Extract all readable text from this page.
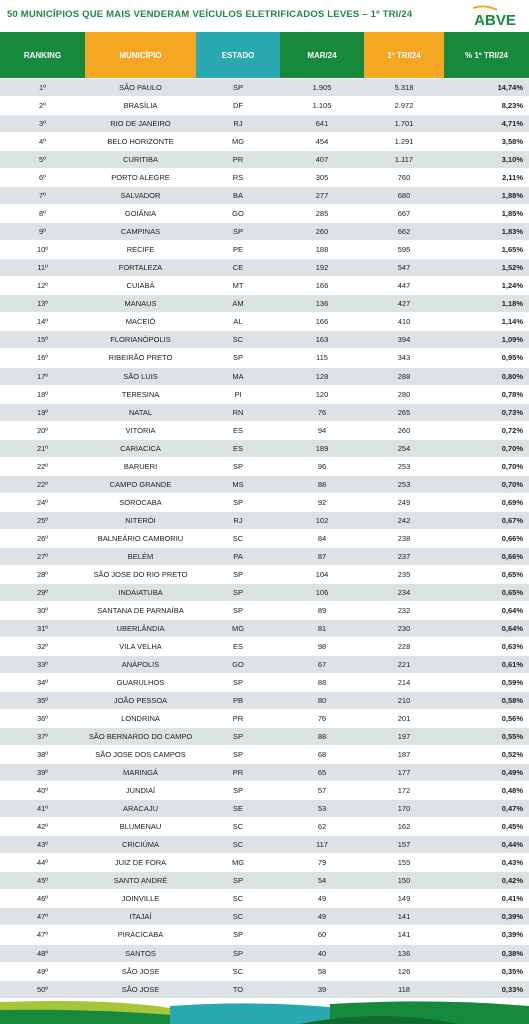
50 MUNICÍPIOS QUE MAIS VENDERAM VEÍCULOS ELETRIFICADOS LEVES – 1º TRI/24	ABVE
RANKING	MUNICÍPIO	ESTADO	MAR/24	1º TRI/24	% 1º TRI/24
1º	SÃO PAULO	SP	1.905	5.318	14,74%
2º	BRASÍLIA	DF	1.105	2.972	8,23%
3º	RIO DE JANEIRO	RJ	641	1.701	4,71%
4º	BELO HORIZONTE	MG	454	1.291	3,58%
5º	CURITIBA	PR	407	1.117	3,10%
6º	PORTO ALEGRE	RS	305	760	2,11%
7º	SALVADOR	BA	277	680	1,88%
8º	GOIÂNIA	GO	285	667	1,85%
9º	CAMPINAS	SP	260	662	1,83%
10º	RECIFE	PE	188	595	1,65%
11º	FORTALEZA	CE	192	547	1,52%
12º	CUIABÁ	MT	166	447	1,24%
13º	MANAUS	AM	136	427	1,18%
14º	MACEIÓ	AL	166	410	1,14%
15º	FLORIANÓPOLIS	SC	163	394	1,09%
16º	RIBEIRÃO PRETO	SP	115	343	0,95%
17º	SÃO LUIS	MA	128	288	0,80%
18º	TERESINA	PI	120	280	0,78%
19º	NATAL	RN	76	265	0,73%
20º	VITÓRIA	ES	94	260	0,72%
21º	CARIACICA	ES	189	254	0,70%
22º	BARUERI	SP	96	253	0,70%
22º	CAMPO GRANDE	MS	88	253	0,70%
24º	SOROCABA	SP	92	249	0,69%
25º	NITERÓI	RJ	102	242	0,67%
26º	BALNEÁRIO CAMBORIU	SC	84	238	0,66%
27º	BELÉM	PA	87	237	0,66%
28º	SÃO JOSE DO RIO PRETO	SP	104	235	0,65%
29º	INDAIATUBA	SP	106	234	0,65%
30º	SANTANA DE PARNAÍBA	SP	89	232	0,64%
31º	UBERLÂNDIA	MG	81	230	0,64%
32º	VILA VELHA	ES	98	228	0,63%
33º	ANÁPOLIS	GO	67	221	0,61%
34º	GUARULHOS	SP	88	214	0,59%
35º	JOÃO PESSOA	PB	80	210	0,58%
36º	LONDRINA	PR	76	201	0,56%
37º	SÃO BERNARDO DO CAMPO	SP	88	197	0,55%
38º	SÃO JOSE DOS CAMPOS	SP	68	187	0,52%
39º	MARINGÁ	PR	65	177	0,49%
40º	JUNDIAÍ	SP	57	172	0,48%
41º	ARACAJU	SE	53	170	0,47%
42º	BLUMENAU	SC	62	162	0,45%
43º	CRICIÚMA	SC	117	157	0,44%
44º	JUIZ DE FORA	MG	79	155	0,43%
45º	SANTO ANDRÉ	SP	54	150	0,42%
46º	JOINVILLE	SC	49	149	0,41%
47º	ITAJAÍ	SC	49	141	0,39%
47º	PIRACICABA	SP	60	141	0,39%
48º	SANTOS	SP	40	136	0,38%
49º	SÃO JOSE	SC	58	126	0,35%
50º	SÃO JOSE	TO	39	118	0,33%
